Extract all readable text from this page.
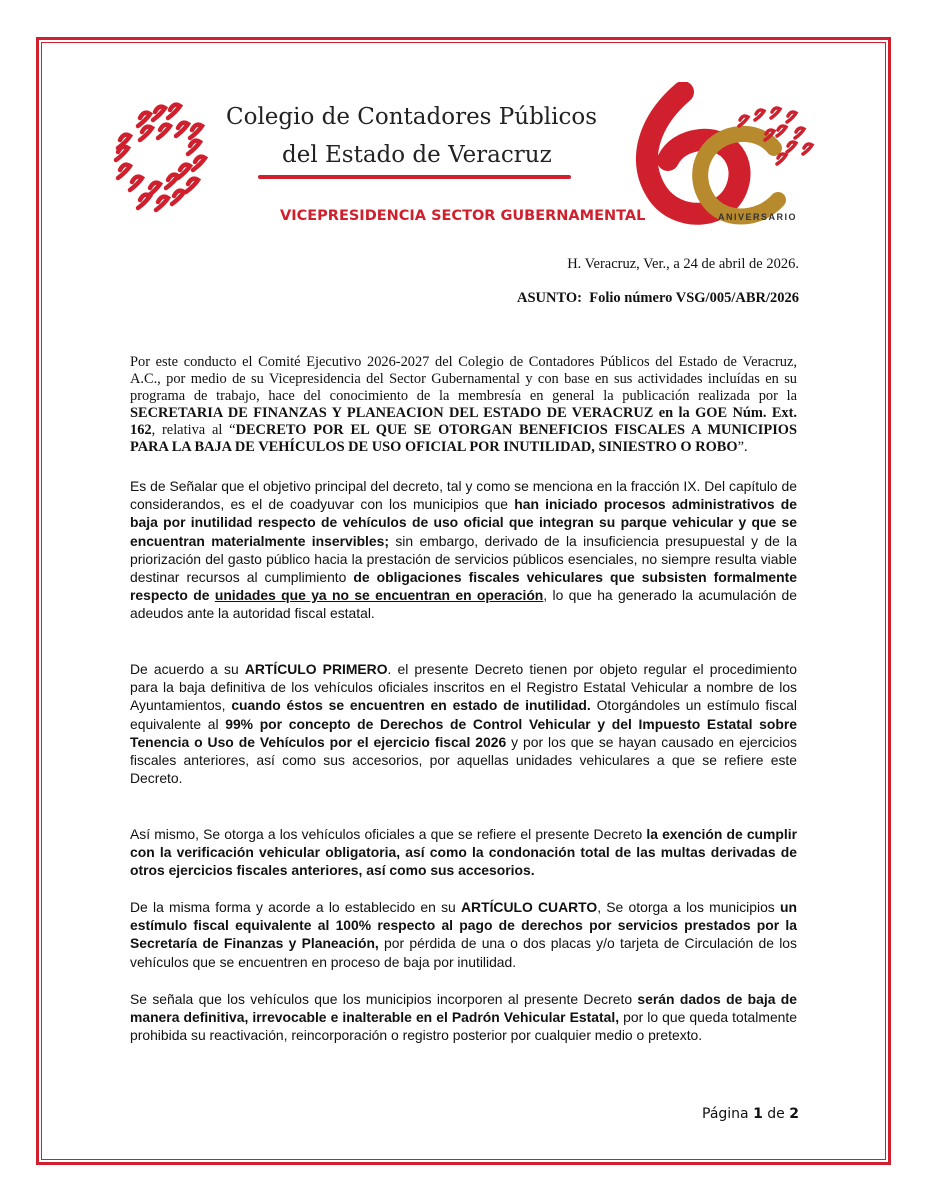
Colegio de Contadores Públicos
del Estado de Veracruz
VICEPRESIDENCIA SECTOR GUBERNAMENTAL
60
ANIVERSARIO
H. Veracruz, Ver., a 24 de abril de 2026.
ASUNTO: Folio número VSG/005/ABR/2026

Por este conducto el Comité Ejecutivo 2026-2027 del Colegio de Contadores Públicos del Estado de Veracruz, A.C., por medio de su Vicepresidencia del Sector Gubernamental y con base en sus actividades incluídas en su programa de trabajo, hace del conocimiento de la membresía en general la publicación realizada por la SECRETARIA DE FINANZAS Y PLANEACION DEL ESTADO DE VERACRUZ en la GOE Núm. Ext. 162, relativa al “DECRETO POR EL QUE SE OTORGAN BENEFICIOS FISCALES A MUNICIPIOS PARA LA BAJA DE VEHÍCULOS DE USO OFICIAL POR INUTILIDAD, SINIESTRO O ROBO”.

Es de Señalar que el objetivo principal del decreto, tal y como se menciona en la fracción IX. Del capítulo de considerandos, es el de coadyuvar con los municipios que han iniciado procesos administrativos de baja por inutilidad respecto de vehículos de uso oficial que integran su parque vehicular y que se encuentran materialmente inservibles; sin embargo, derivado de la insuficiencia presupuestal y de la priorización del gasto público hacia la prestación de servicios públicos esenciales, no siempre resulta viable destinar recursos al cumplimiento de obligaciones fiscales vehiculares que subsisten formalmente respecto de unidades que ya no se encuentran en operación, lo que ha generado la acumulación de adeudos ante la autoridad fiscal estatal.

De acuerdo a su ARTÍCULO PRIMERO. el presente Decreto tienen por objeto regular el procedimiento para la baja definitiva de los vehículos oficiales inscritos en el Registro Estatal Vehicular a nombre de los Ayuntamientos, cuando éstos se encuentren en estado de inutilidad. Otorgándoles un estímulo fiscal equivalente al 99% por concepto de Derechos de Control Vehicular y del Impuesto Estatal sobre Tenencia o Uso de Vehículos por el ejercicio fiscal 2026 y por los que se hayan causado en ejercicios fiscales anteriores, así como sus accesorios, por aquellas unidades vehiculares a que se refiere este Decreto.

Así mismo, Se otorga a los vehículos oficiales a que se refiere el presente Decreto la exención de cumplir con la verificación vehicular obligatoria, así como la condonación total de las multas derivadas de otros ejercicios fiscales anteriores, así como sus accesorios.

De la misma forma y acorde a lo establecido en su ARTÍCULO CUARTO, Se otorga a los municipios un estímulo fiscal equivalente al 100% respecto al pago de derechos por servicios prestados por la Secretaría de Finanzas y Planeación, por pérdida de una o dos placas y/o tarjeta de Circulación de los vehículos que se encuentren en proceso de baja por inutilidad.

Se señala que los vehículos que los municipios incorporen al presente Decreto serán dados de baja de manera definitiva, irrevocable e inalterable en el Padrón Vehicular Estatal, por lo que queda totalmente prohibida su reactivación, reincorporación o registro posterior por cualquier medio o pretexto.

Página 1 de 2
